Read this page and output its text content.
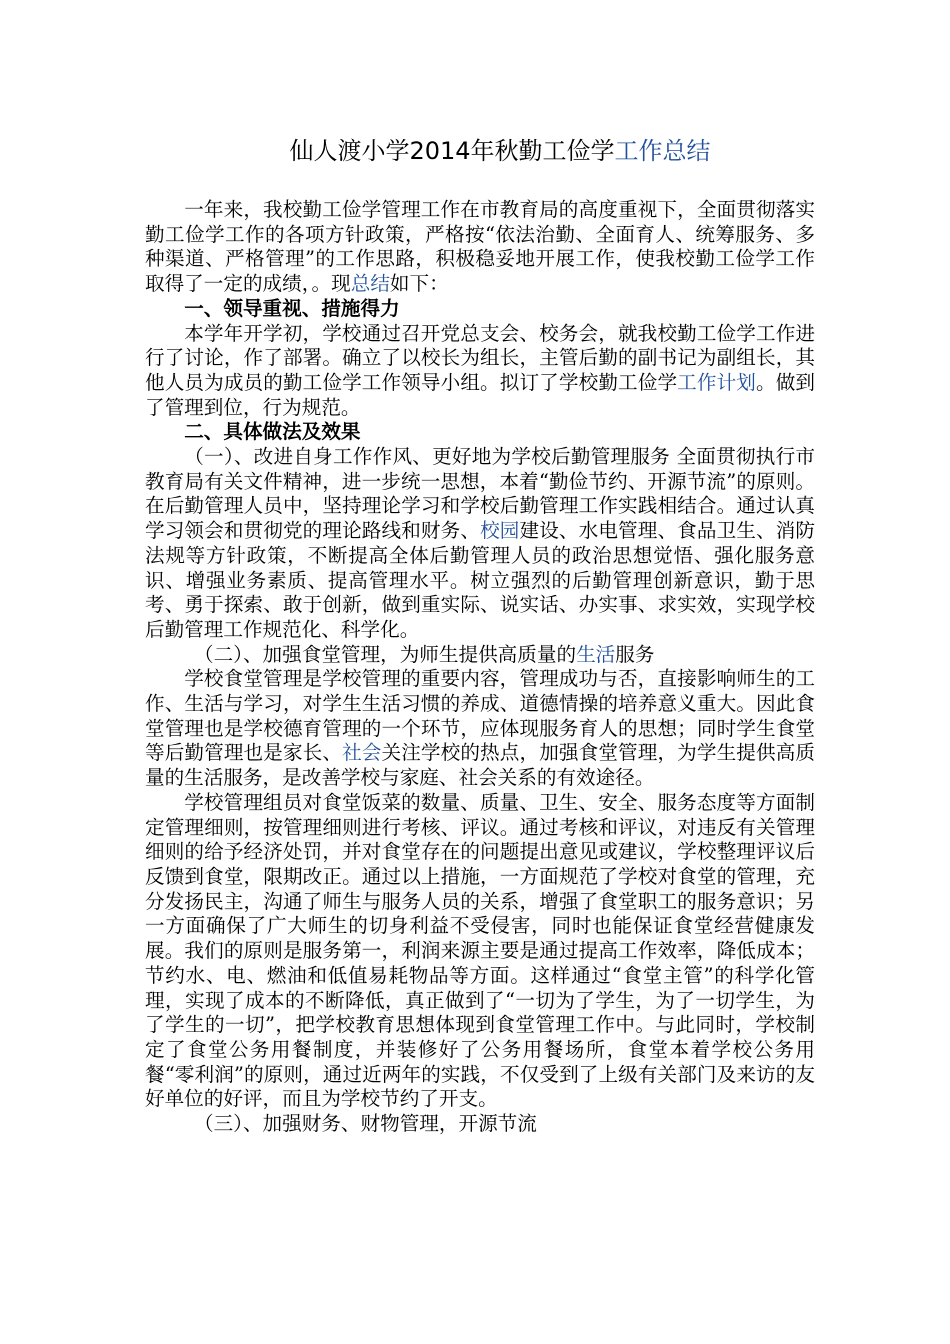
仙人渡小学2014年秋勤工俭学工作总结

一年来，我校勤工俭学管理工作在市教育局的高度重视下，全面贯彻落实勤工俭学工作的各项方针政策，严格按“依法治勤、全面育人、统筹服务、多种渠道、严格管理”的工作思路，积极稳妥地开展工作，使我校勤工俭学工作取得了一定的成绩，。现总结如下：

一、领导重视、措施得力

本学年开学初，学校通过召开党总支会、校务会，就我校勤工俭学工作进行了讨论，作了部署。确立了以校长为组长，主管后勤的副书记为副组长，其他人员为成员的勤工俭学工作领导小组。拟订了学校勤工俭学工作计划。做到了管理到位，行为规范。

二、具体做法及效果

（一）、改进自身工作作风、更好地为学校后勤管理服务 全面贯彻执行市教育局有关文件精神，进一步统一思想，本着“勤俭节约、开源节流”的原则。在后勤管理人员中，坚持理论学习和学校后勤管理工作实践相结合。通过认真学习领会和贯彻党的理论路线和财务、校园建设、水电管理、食品卫生、消防法规等方针政策，不断提高全体后勤管理人员的政治思想觉悟、强化服务意识、增强业务素质、提高管理水平。树立强烈的后勤管理创新意识，勤于思考、勇于探索、敢于创新，做到重实际、说实话、办实事、求实效，实现学校后勤管理工作规范化、科学化。

　（二）、加强食堂管理，为师生提供高质量的生活服务

学校食堂管理是学校管理的重要内容，管理成功与否，直接影响师生的工作、生活与学习，对学生生活习惯的养成、道德情操的培养意义重大。因此食堂管理也是学校德育管理的一个环节，应体现服务育人的思想；同时学生食堂等后勤管理也是家长、社会关注学校的热点，加强食堂管理，为学生提供高质量的生活服务，是改善学校与家庭、社会关系的有效途径。

学校管理组员对食堂饭菜的数量、质量、卫生、安全、服务态度等方面制定管理细则，按管理细则进行考核、评议。通过考核和评议，对违反有关管理细则的给予经济处罚，并对食堂存在的问题提出意见或建议，学校整理评议后反馈到食堂，限期改正。通过以上措施，一方面规范了学校对食堂的管理，充分发扬民主，沟通了师生与服务人员的关系，增强了食堂职工的服务意识；另一方面确保了广大师生的切身利益不受侵害，同时也能保证食堂经营健康发展。我们的原则是服务第一，利润来源主要是通过提高工作效率，降低成本；节约水、电、燃油和低值易耗物品等方面。这样通过“食堂主管”的科学化管理，实现了成本的不断降低，真正做到了“一切为了学生，为了一切学生，为了学生的一切”，把学校教育思想体现到食堂管理工作中。与此同时，学校制定了食堂公务用餐制度，并装修好了公务用餐场所，食堂本着学校公务用餐“零利润”的原则，通过近两年的实践，不仅受到了上级有关部门及来访的友好单位的好评，而且为学校节约了开支。

　（三）、加强财务、财物管理，开源节流
